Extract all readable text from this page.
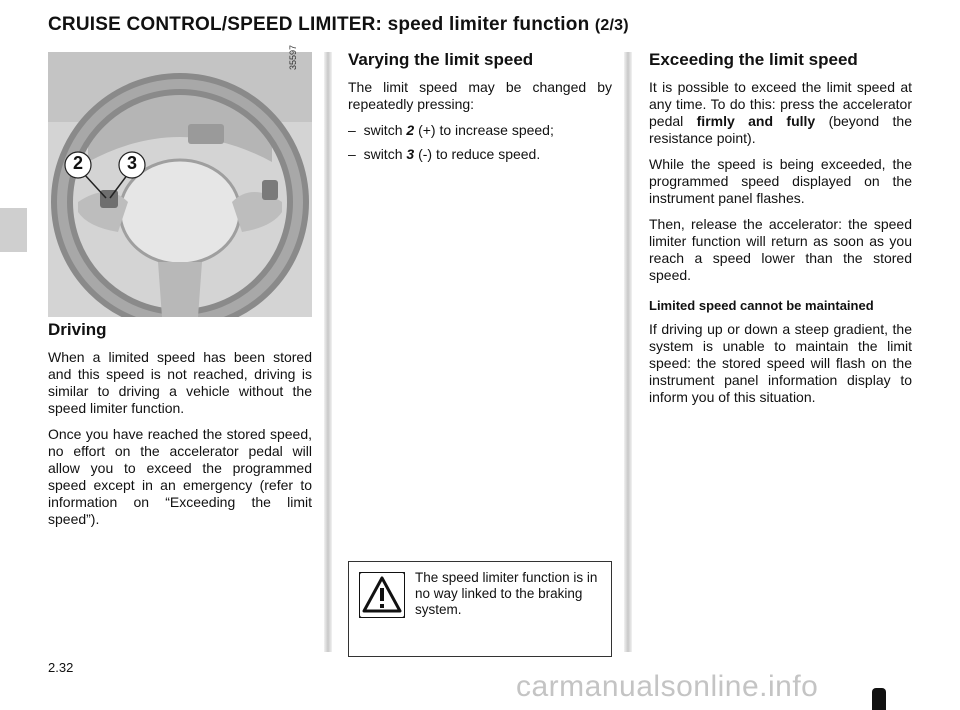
CRUISE CONTROL/SPEED LIMITER: speed limiter function (2/3)
2 3
35597
Driving

When a limited speed has been stored and this speed is not reached, driving is similar to driving a vehicle without the speed limiter function.

Once you have reached the stored speed, no effort on the accelerator pedal will allow you to exceed the programmed speed except in an emergency (refer to information on “Exceeding the limit speed”).

Varying the limit speed

The limit speed may be changed by repeatedly pressing:

– switch 2 (+) to increase speed;
– switch 3 (-) to reduce speed.

The speed limiter function is in no way linked to the braking system.

Exceeding the limit speed

It is possible to exceed the limit speed at any time. To do this: press the accelerator pedal firmly and fully (beyond the resistance point).

While the speed is being exceeded, the programmed speed displayed on the instrument panel flashes.

Then, release the accelerator: the speed limiter function will return as soon as you reach a speed lower than the stored speed.

Limited speed cannot be maintained

If driving up or down a steep gradient, the system is unable to maintain the limit speed: the stored speed will flash on the instrument panel information display to inform you of this situation.

2.32

carmanualsonline.info
